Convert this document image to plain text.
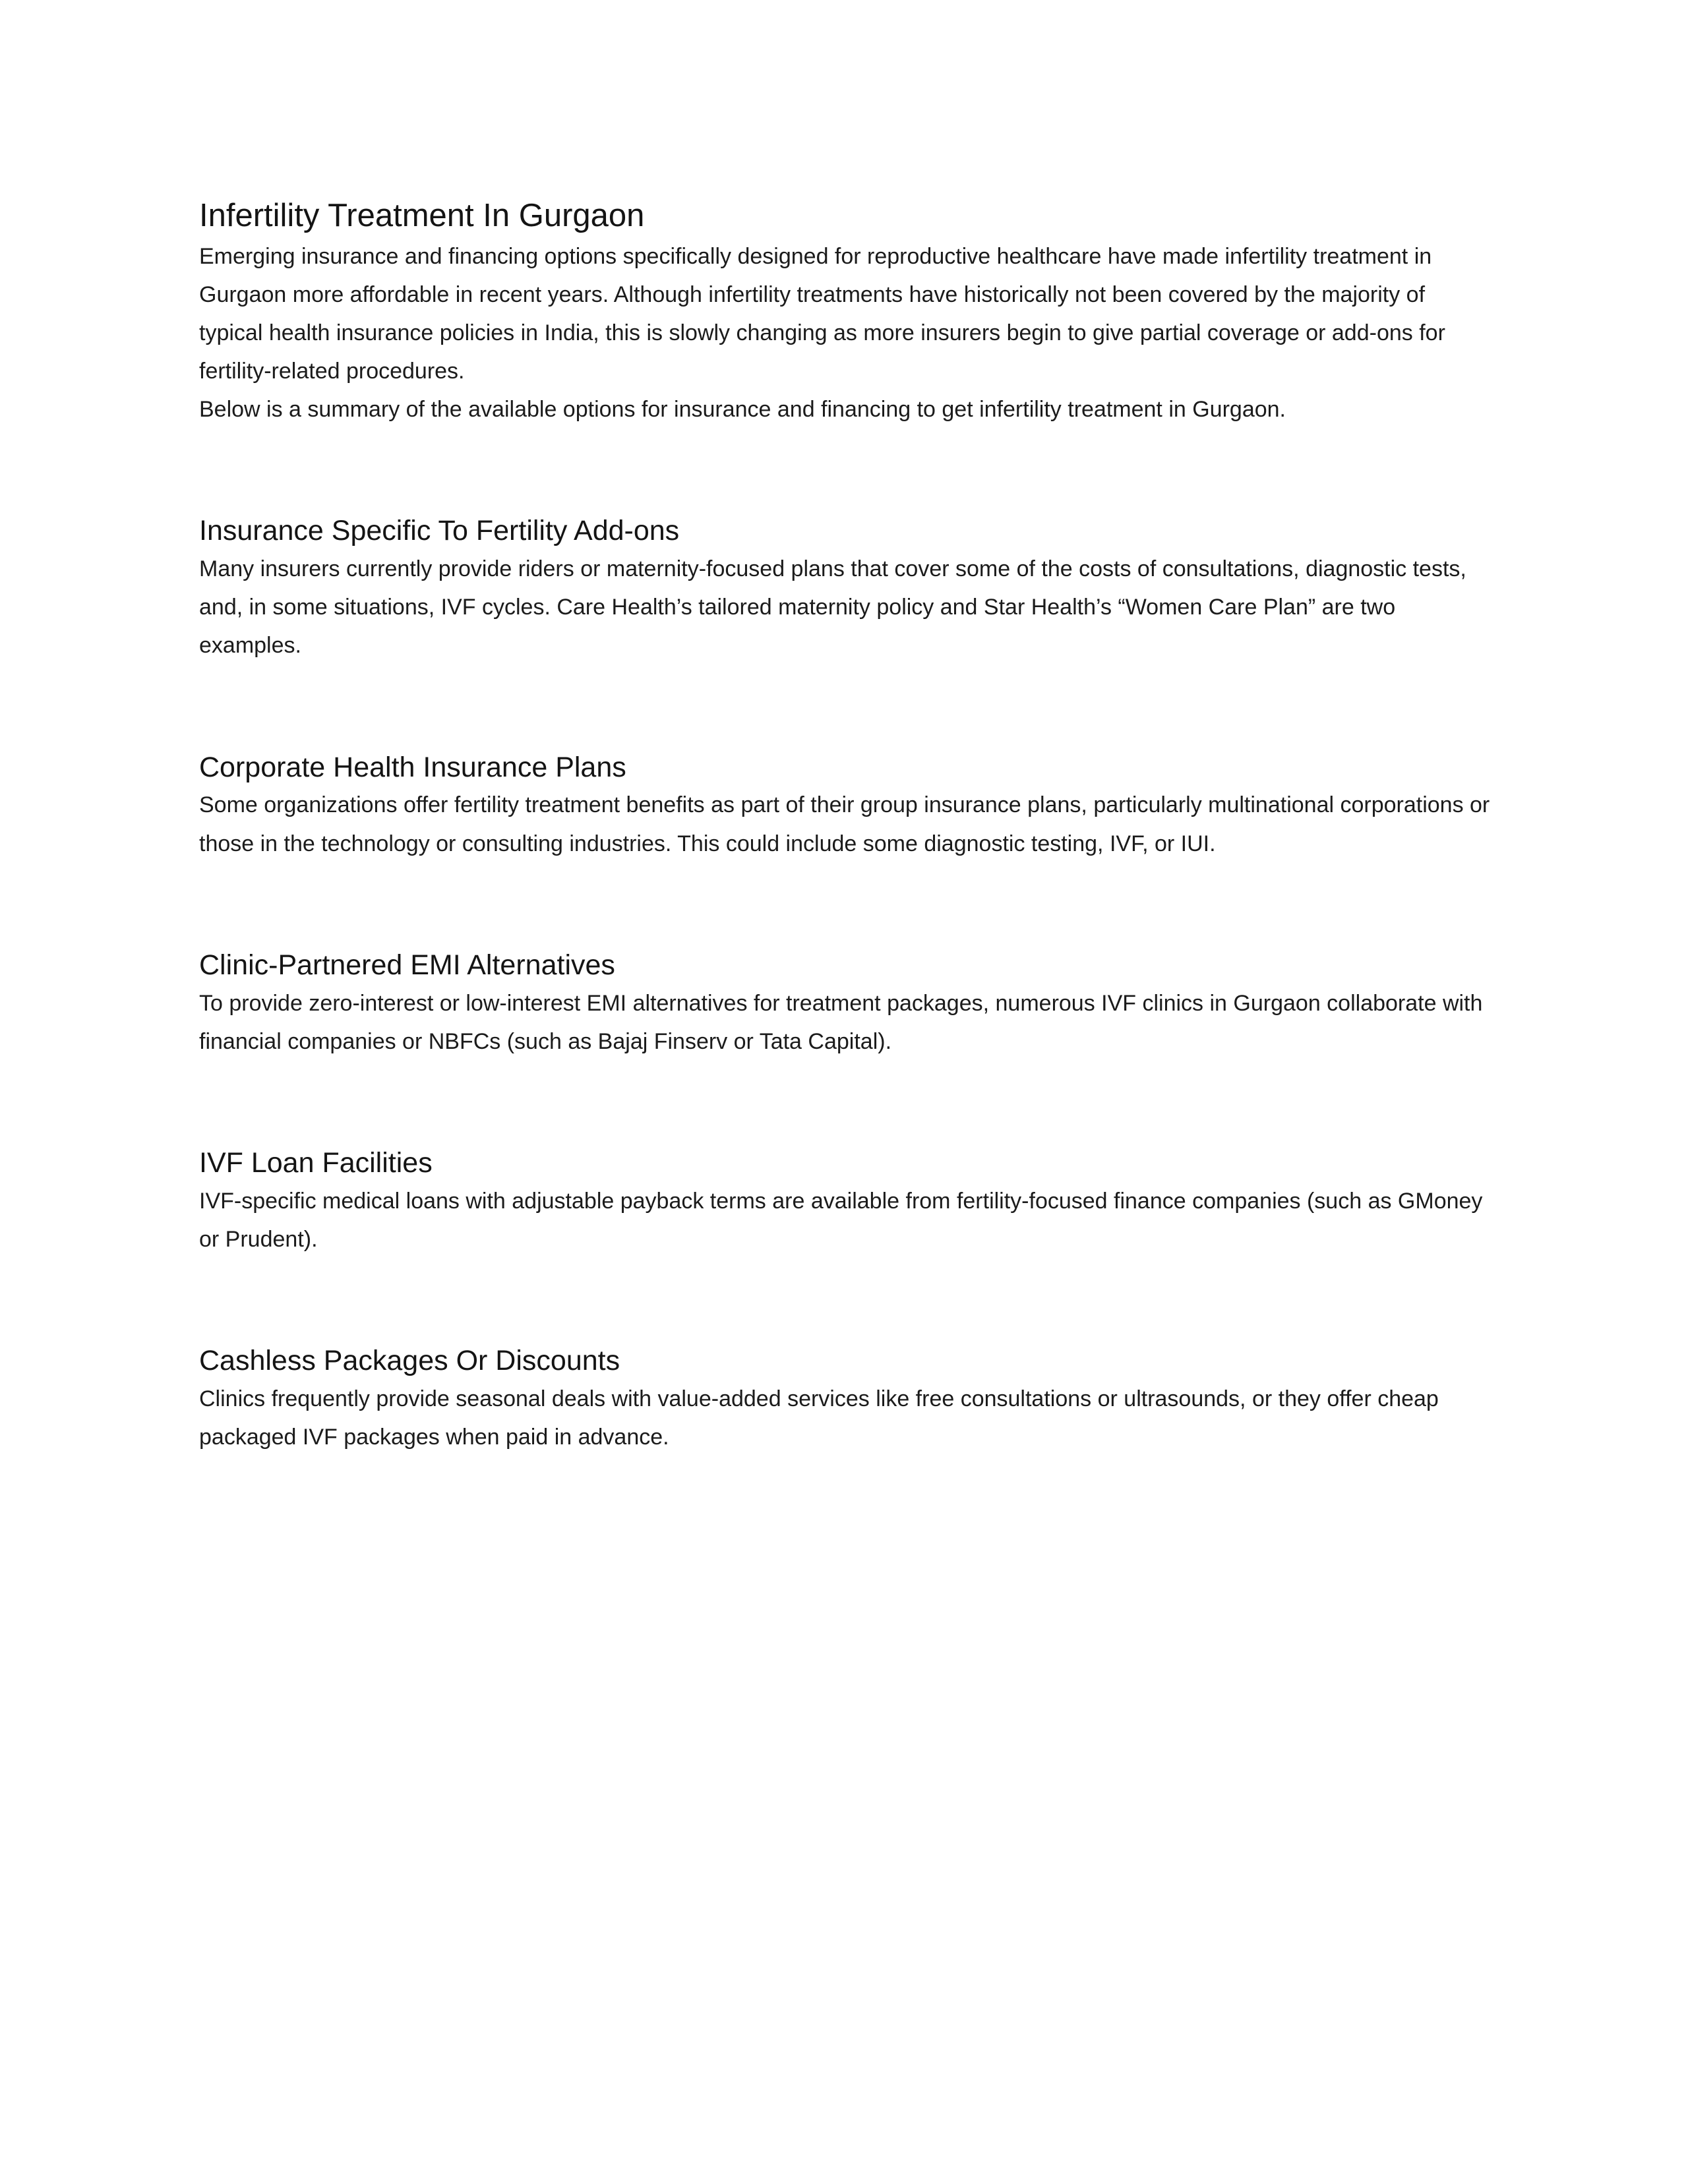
Infertility Treatment In Gurgaon

Emerging insurance and financing options specifically designed for reproductive healthcare have made infertility treatment in Gurgaon more affordable in recent years. Although infertility treatments have historically not been covered by the majority of typical health insurance policies in India, this is slowly changing as more insurers begin to give partial coverage or add-ons for fertility-related procedures.

Below is a summary of the available options for insurance and financing to get infertility treatment in Gurgaon.

Insurance Specific To Fertility Add-ons

Many insurers currently provide riders or maternity-focused plans that cover some of the costs of consultations, diagnostic tests, and, in some situations, IVF cycles. Care Health’s tailored maternity policy and Star Health’s “Women Care Plan” are two examples.

Corporate Health Insurance Plans

Some organizations offer fertility treatment benefits as part of their group insurance plans, particularly multinational corporations or those in the technology or consulting industries. This could include some diagnostic testing, IVF, or IUI.

Clinic-Partnered EMI Alternatives

To provide zero-interest or low-interest EMI alternatives for treatment packages, numerous IVF clinics in Gurgaon collaborate with financial companies or NBFCs (such as Bajaj Finserv or Tata Capital).

IVF Loan Facilities

IVF-specific medical loans with adjustable payback terms are available from fertility-focused finance companies (such as GMoney or Prudent).

Cashless Packages Or Discounts

Clinics frequently provide seasonal deals with value-added services like free consultations or ultrasounds, or they offer cheap packaged IVF packages when paid in advance.
